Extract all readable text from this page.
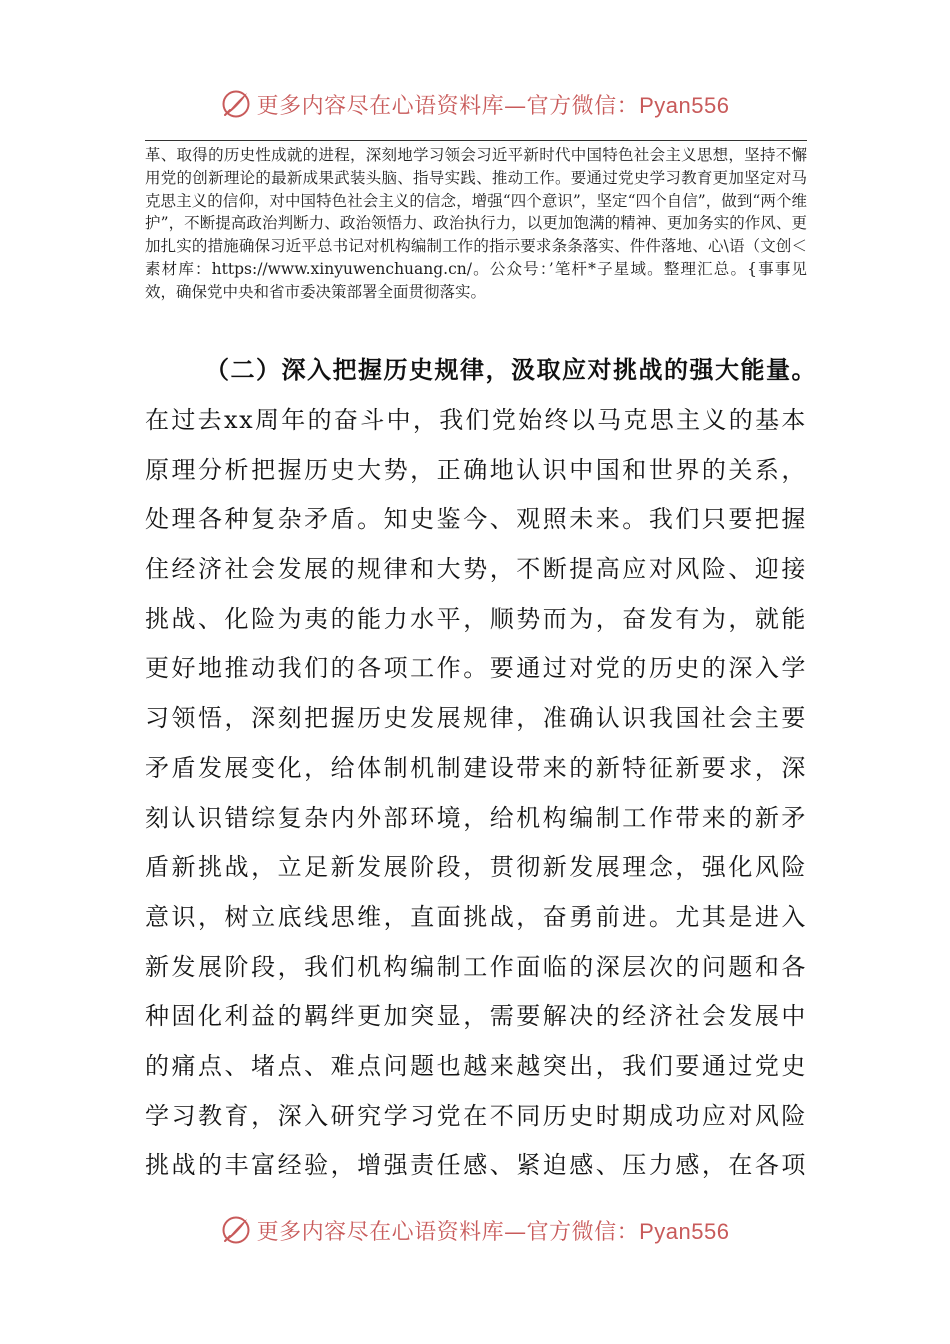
更多内容尽在心语资料库—官方微信：Pyan556

革、取得的历史性成就的进程，深刻地学习领会习近平新时代中国特色社会主义思想，坚持不懈用党的创新理论的最新成果武装头脑、指导实践、推动工作。要通过党史学习教育更加坚定对马克思主义的信仰，对中国特色社会主义的信念，增强“四个意识”，坚定“四个自信”，做到“两个维护”，不断提高政治判断力、政治领悟力、政治执行力，以更加饱满的精神、更加务实的作风、更加扎实的措施确保习近平总书记对机构编制工作的指示要求条条落实、件件落地、心\语（文创＜素材库：https://www.xinyuwenchuang.cn/。公众号：’笔杆*子星域。整理汇总。{事事见效，确保党中央和省市委决策部署全面贯彻落实。

（二）深入把握历史规律，汲取应对挑战的强大能量。
在过去xx周年的奋斗中，我们党始终以马克思主义的基本
原理分析把握历史大势，正确地认识中国和世界的关系，
处理各种复杂矛盾。知史鉴今、观照未来。我们只要把握
住经济社会发展的规律和大势，不断提高应对风险、迎接
挑战、化险为夷的能力水平，顺势而为，奋发有为，就能
更好地推动我们的各项工作。要通过对党的历史的深入学
习领悟，深刻把握历史发展规律，准确认识我国社会主要
矛盾发展变化，给体制机制建设带来的新特征新要求，深
刻认识错综复杂内外部环境，给机构编制工作带来的新矛
盾新挑战，立足新发展阶段，贯彻新发展理念，强化风险
意识，树立底线思维，直面挑战，奋勇前进。尤其是进入
新发展阶段，我们机构编制工作面临的深层次的问题和各
种固化利益的羁绊更加突显，需要解决的经济社会发展中
的痛点、堵点、难点问题也越来越突出，我们要通过党史
学习教育，深入研究学习党在不同历史时期成功应对风险
挑战的丰富经验，增强责任感、紧迫感、压力感，在各项
更多内容尽在心语资料库—官方微信：Pyan556
